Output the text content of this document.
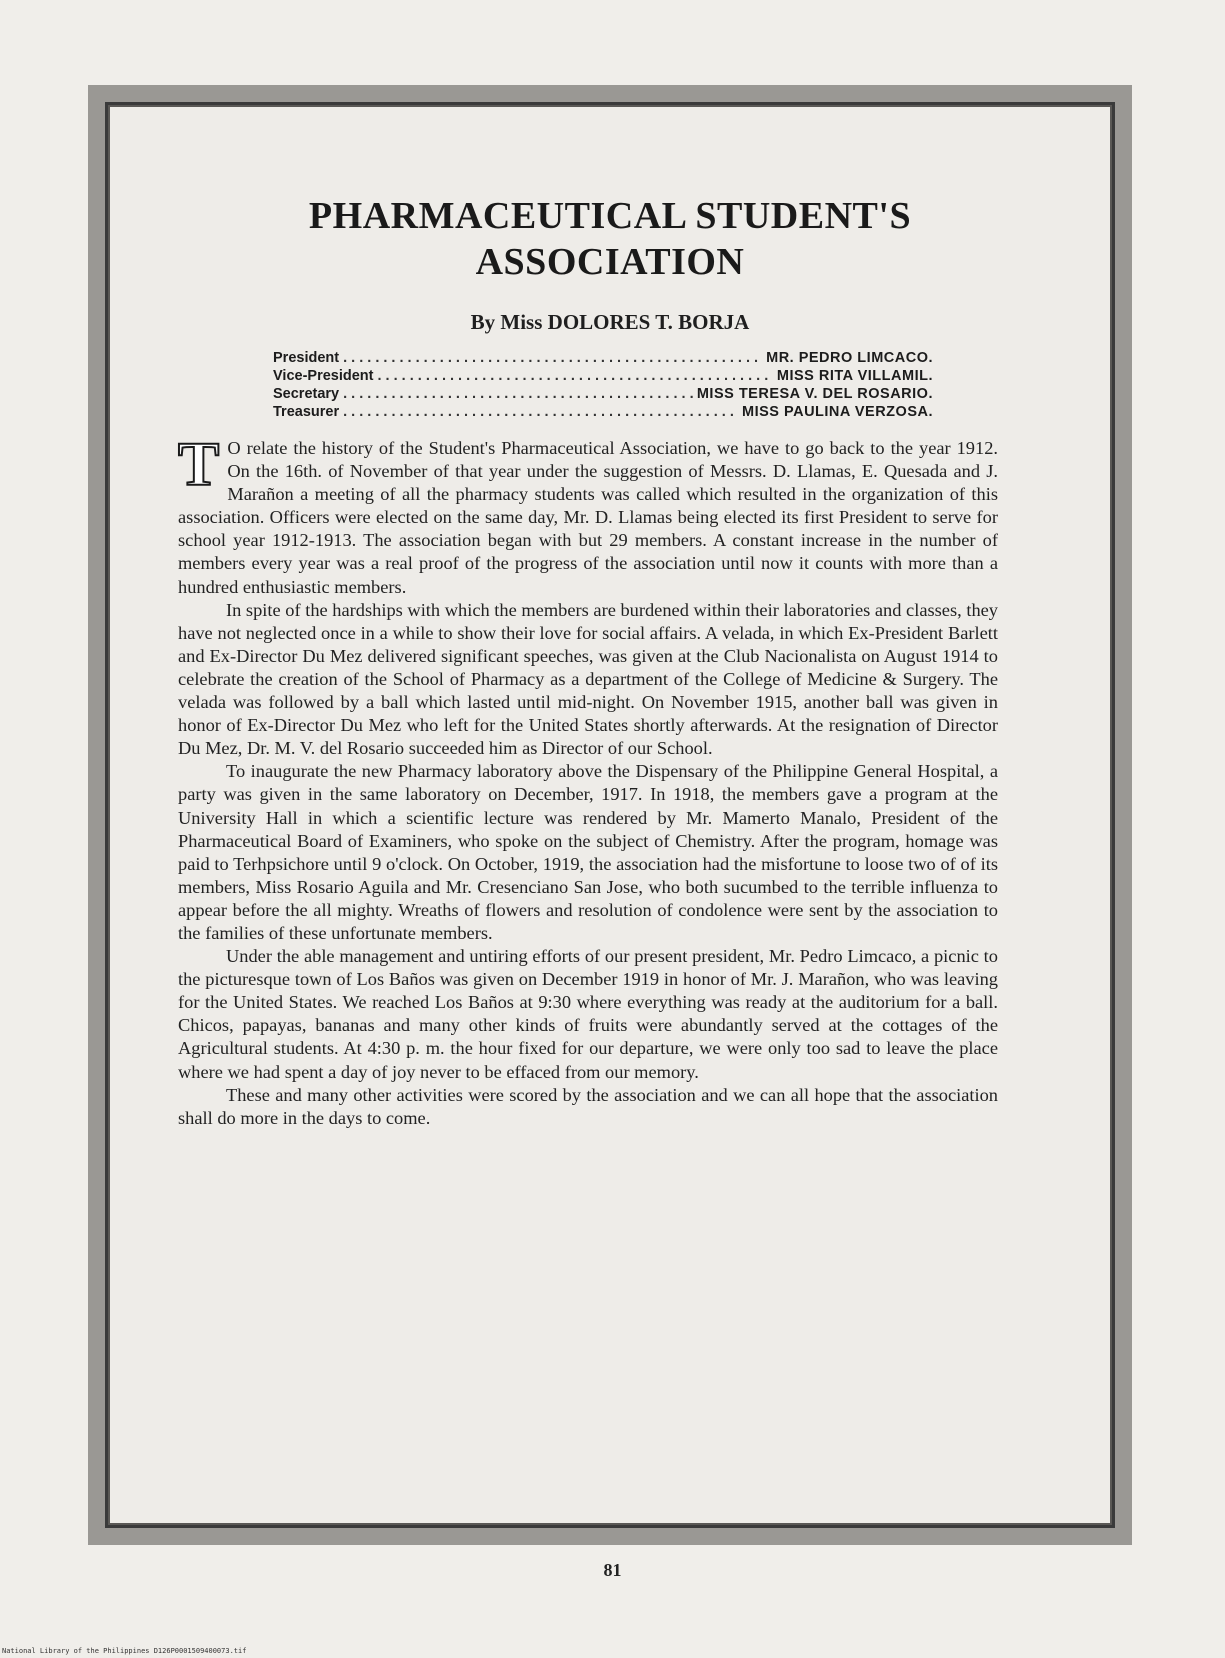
PHARMACEUTICAL STUDENT'S
ASSOCIATION
By Miss DOLORES T. BORJA
President . . .	MR. PEDRO LIMCACO.
Vice-President . . .	MISS RITA VILLAMIL.
Secretary . . .	MISS TERESA V. DEL ROSARIO.
Treasurer . . .	MISS PAULINA VERZOSA.

T O relate the history of the Student's Pharmaceutical Association, we have to go back to the year 1912. On the 16th. of November of that year under the suggestion of Messrs. D. Llamas, E. Quesada and J. Marañon a meeting of all the pharmacy students was called which resulted in the organization of this association. Officers were elected on the same day, Mr. D. Llamas being elected its first President to serve for school year 1912-1913. The association began with but 29 members. A constant increase in the number of members every year was a real proof of the progress of the association until now it counts with more than a hundred enthusiastic members.

In spite of the hardships with which the members are burdened within their laboratories and classes, they have not neglected once in a while to show their love for social affairs. A velada, in which Ex-President Barlett and Ex-Director Du Mez delivered significant speeches, was given at the Club Nacionalista on August 1914 to celebrate the creation of the School of Pharmacy as a department of the College of Medicine & Surgery. The velada was followed by a ball which lasted until mid-night. On November 1915, another ball was given in honor of Ex-Director Du Mez who left for the United States shortly afterwards. At the resignation of Director Du Mez, Dr. M. V. del Rosario succeeded him as Director of our School.

To inaugurate the new Pharmacy laboratory above the Dispensary of the Philippine General Hospital, a party was given in the same laboratory on December, 1917. In 1918, the members gave a program at the University Hall in which a scientific lecture was rendered by Mr. Mamerto Manalo, President of the Pharmaceutical Board of Examiners, who spoke on the subject of Chemistry. After the program, homage was paid to Terhpsichore until 9 o'clock. On October, 1919, the association had the misfortune to loose two of of its members, Miss Rosario Aguila and Mr. Cresenciano San Jose, who both sucumbed to the terrible influenza to appear before the all mighty. Wreaths of flowers and resolution of condolence were sent by the association to the families of these unfortunate members.

Under the able management and untiring efforts of our present president, Mr. Pedro Limcaco, a picnic to the picturesque town of Los Baños was given on December 1919 in honor of Mr. J. Marañon, who was leaving for the United States. We reached Los Baños at 9:30 where everything was ready at the auditorium for a ball. Chicos, papayas, bananas and many other kinds of fruits were abundantly served at the cottages of the Agricultural students. At 4:30 p. m. the hour fixed for our departure, we were only too sad to leave the place where we had spent a day of joy never to be effaced from our memory.

These and many other activities were scored by the association and we can all hope that the association shall do more in the days to come.

81
National Library of the Philippines D126P0001509400073.tif
